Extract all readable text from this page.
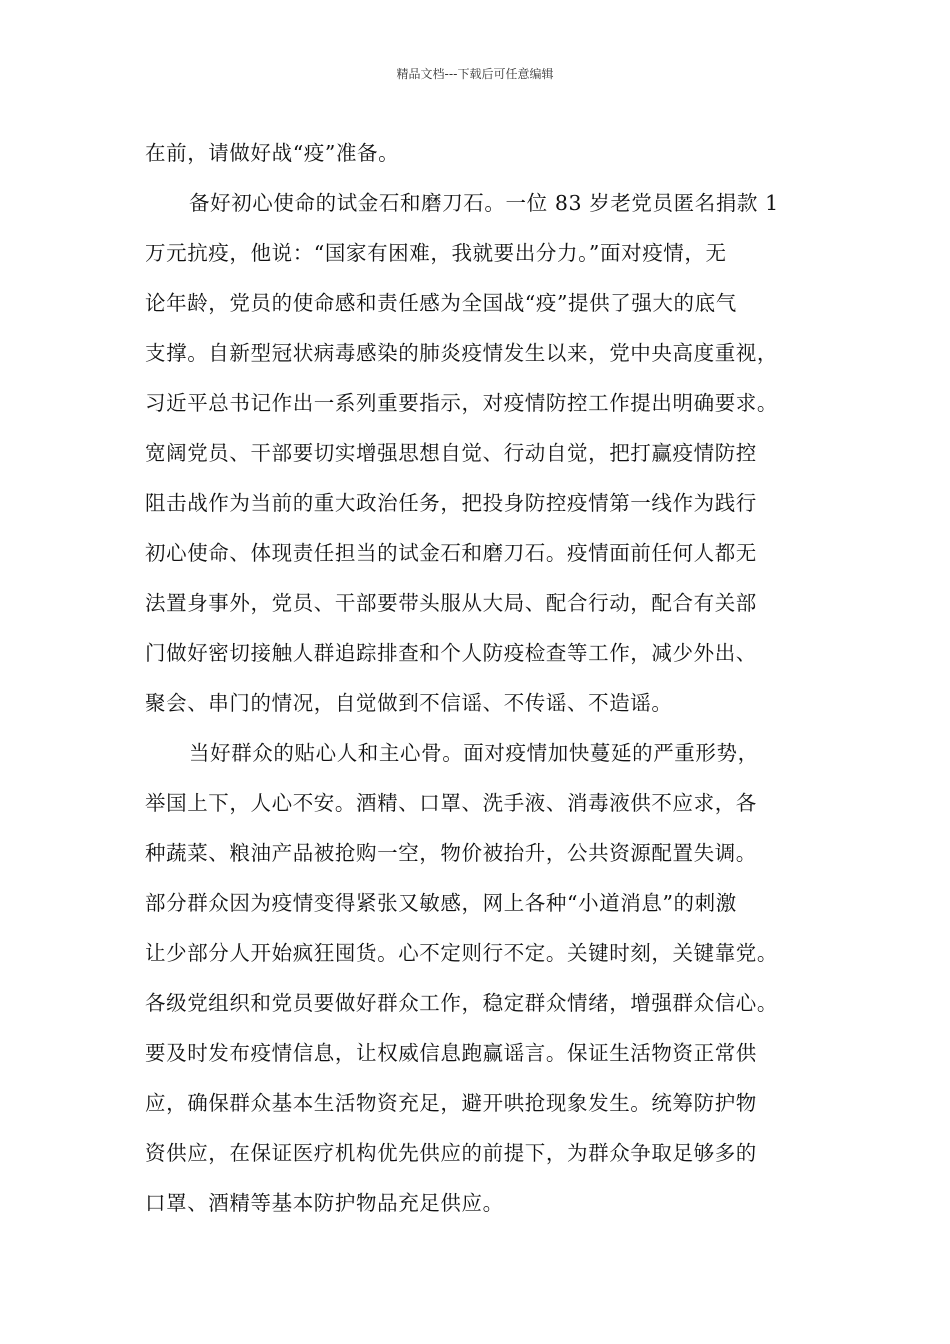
精品文档---下载后可任意编辑
在前，请做好战“疫”准备。
备好初心使命的试金石和磨刀石。一位 83 岁老党员匿名捐款 1
万元抗疫，他说：“国家有困难，我就要出分力。”面对疫情，无
论年龄，党员的使命感和责任感为全国战“疫”提供了强大的底气
支撑。自新型冠状病毒感染的肺炎疫情发生以来，党中央高度重视，
习近平总书记作出一系列重要指示，对疫情防控工作提出明确要求。
宽阔党员、干部要切实增强思想自觉、行动自觉，把打赢疫情防控
阻击战作为当前的重大政治任务，把投身防控疫情第一线作为践行
初心使命、体现责任担当的试金石和磨刀石。疫情面前任何人都无
法置身事外，党员、干部要带头服从大局、配合行动，配合有关部
门做好密切接触人群追踪排查和个人防疫检查等工作，减少外出、
聚会、串门的情况，自觉做到不信谣、不传谣、不造谣。
当好群众的贴心人和主心骨。面对疫情加快蔓延的严重形势，
举国上下，人心不安。酒精、口罩、洗手液、消毒液供不应求，各
种蔬菜、粮油产品被抢购一空，物价被抬升，公共资源配置失调。
部分群众因为疫情变得紧张又敏感，网上各种“小道消息”的刺激
让少部分人开始疯狂囤货。心不定则行不定。关键时刻，关键靠党。
各级党组织和党员要做好群众工作，稳定群众情绪，增强群众信心。
要及时发布疫情信息，让权威信息跑赢谣言。保证生活物资正常供
应，确保群众基本生活物资充足，避开哄抢现象发生。统筹防护物
资供应，在保证医疗机构优先供应的前提下，为群众争取足够多的
口罩、酒精等基本防护物品充足供应。
